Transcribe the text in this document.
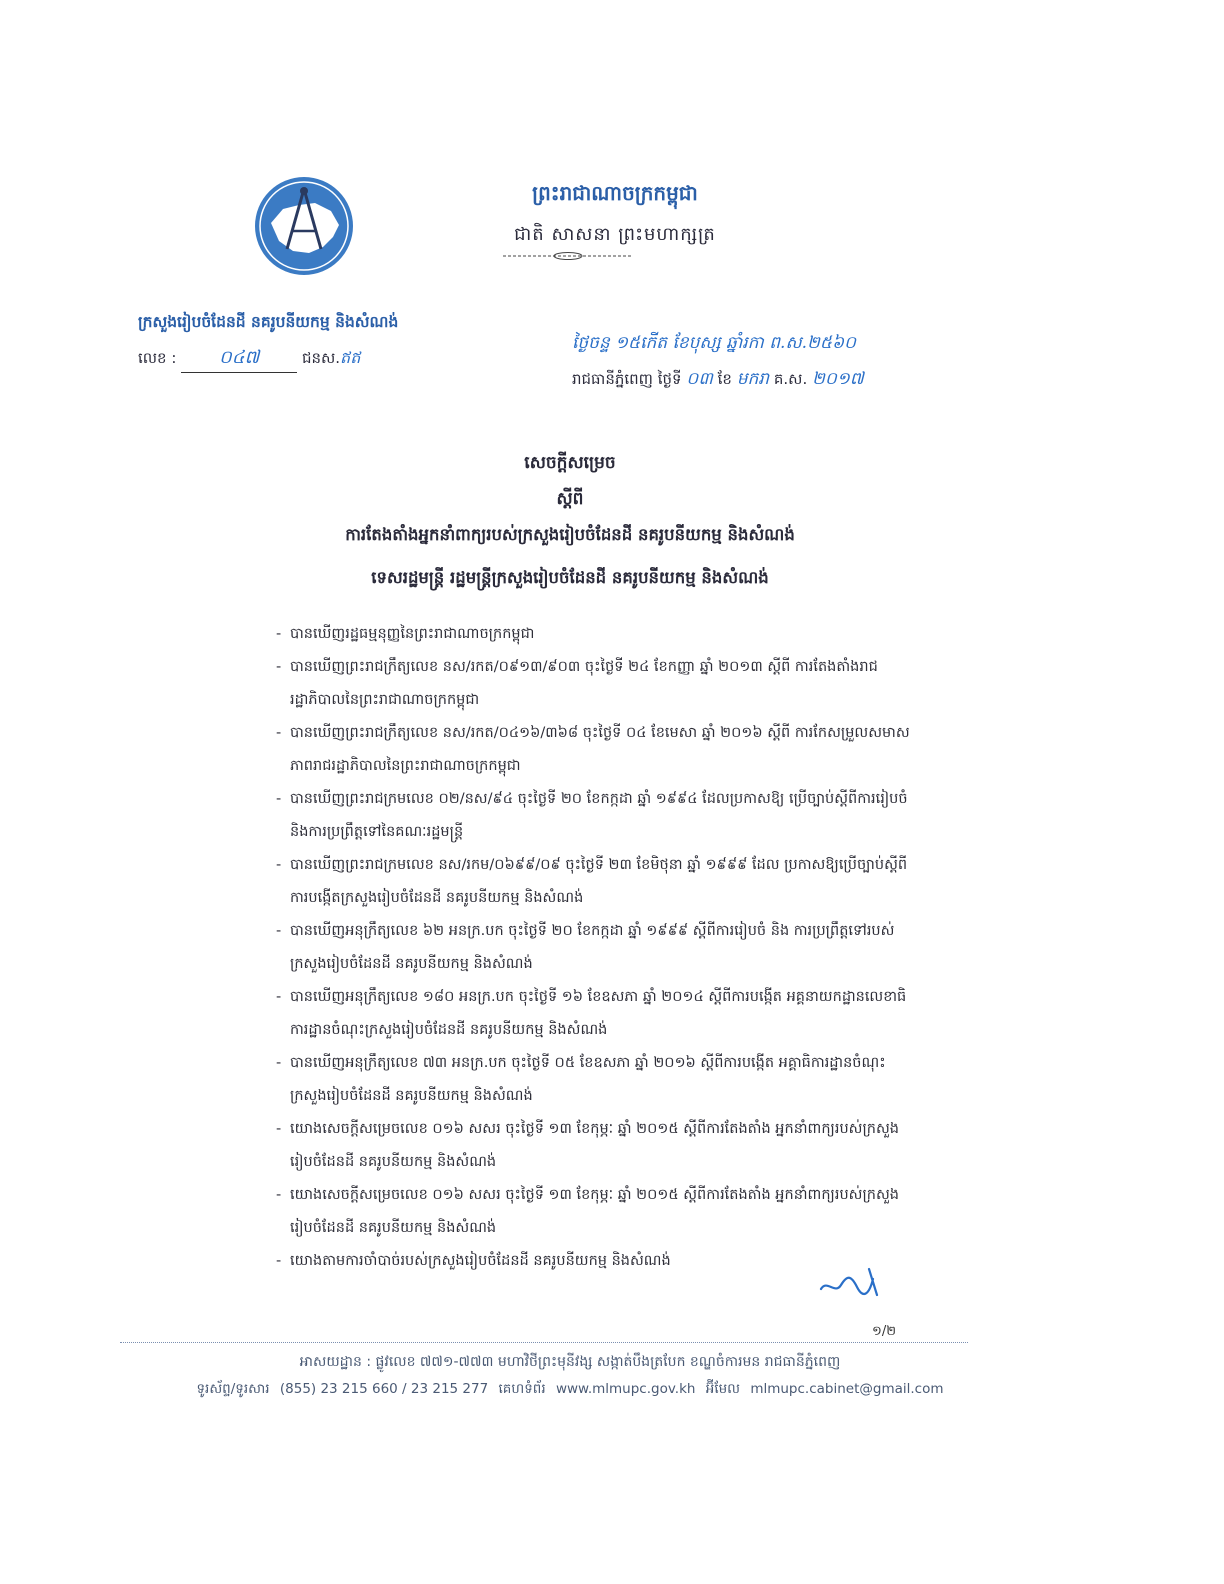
ព្រះរាជាណាចក្រកម្ពុជា
ជាតិ សាសនា ព្រះមហាក្សត្រ
ក្រសួងរៀបចំដែនដី នគរូបនីយកម្ម និងសំណង់
លេខ : ០៤៧	ជនស.ឥឥ
ថ្ងៃចន្ទ ១៥កើត ខែបុស្ស ឆ្នាំរកា ព.ស.២៥៦០
រាជធានីភ្នំពេញ ថ្ងៃទី ០៣ ខែ មករា គ.ស. ២០១៧
សេចក្តីសម្រេច
ស្តីពី
ការតែងតាំងអ្នកនាំពាក្យរបស់ក្រសួងរៀបចំដែនដី នគរូបនីយកម្ម និងសំណង់
ទេសរដ្ឋមន្ត្រី រដ្ឋមន្ត្រីក្រសួងរៀបចំដែនដី នគរូបនីយកម្ម និងសំណង់
- បានឃើញរដ្ឋធម្មនុញ្ញនៃព្រះរាជាណាចក្រកម្ពុជា
- បានឃើញព្រះរាជក្រឹត្យលេខ នស/រកត/០៩១៣/៩០៣ ចុះថ្ងៃទី ២៤ ខែកញ្ញា ឆ្នាំ ២០១៣ ស្តីពី ការតែងតាំងរាជរដ្ឋាភិបាលនៃព្រះរាជាណាចក្រកម្ពុជា
- បានឃើញព្រះរាជក្រឹត្យលេខ នស/រកត/០៤១៦/៣៦៨ ចុះថ្ងៃទី ០៤ ខែមេសា ឆ្នាំ ២០១៦ ស្តីពី ការកែសម្រួលសមាសភាពរាជរដ្ឋាភិបាលនៃព្រះរាជាណាចក្រកម្ពុជា
- បានឃើញព្រះរាជក្រមលេខ ០២/នស/៩៤ ចុះថ្ងៃទី ២០ ខែកក្កដា ឆ្នាំ ១៩៩៤ ដែលប្រកាសឱ្យ ប្រើច្បាប់ស្តីពីការរៀបចំ និងការប្រព្រឹត្តទៅនៃគណៈរដ្ឋមន្ត្រី
- បានឃើញព្រះរាជក្រមលេខ នស/រកម/០៦៩៩/០៩ ចុះថ្ងៃទី ២៣ ខែមិថុនា ឆ្នាំ ១៩៩៩ ដែល ប្រកាសឱ្យប្រើច្បាប់ស្តីពីការបង្កើតក្រសួងរៀបចំដែនដី នគរូបនីយកម្ម និងសំណង់
- បានឃើញអនុក្រឹត្យលេខ ៦២ អនក្រ.បក ចុះថ្ងៃទី ២០ ខែកក្កដា ឆ្នាំ ១៩៩៩ ស្តីពីការរៀបចំ និង ការប្រព្រឹត្តទៅរបស់ក្រសួងរៀបចំដែនដី នគរូបនីយកម្ម និងសំណង់
- បានឃើញអនុក្រឹត្យលេខ ១៨០ អនក្រ.បក ចុះថ្ងៃទី ១៦ ខែឧសភា ឆ្នាំ ២០១៤ ស្តីពីការបង្កើត អគ្គនាយកដ្ឋានលេខាធិការដ្ឋានចំណុះក្រសួងរៀបចំដែនដី នគរូបនីយកម្ម និងសំណង់
- បានឃើញអនុក្រឹត្យលេខ ៧៣ អនក្រ.បក ចុះថ្ងៃទី ០៥ ខែឧសភា ឆ្នាំ ២០១៦ ស្តីពីការបង្កើត អគ្គាធិការដ្ឋានចំណុះក្រសួងរៀបចំដែនដី នគរូបនីយកម្ម និងសំណង់
- យោងសេចក្តីសម្រេចលេខ ០១៦ សសរ ចុះថ្ងៃទី ១៣ ខែកុម្ភៈ ឆ្នាំ ២០១៥ ស្តីពីការតែងតាំង អ្នកនាំពាក្យរបស់ក្រសួងរៀបចំដែនដី នគរូបនីយកម្ម និងសំណង់
- យោងសេចក្តីសម្រេចលេខ ០១៦ សសរ ចុះថ្ងៃទី ១៣ ខែកុម្ភៈ ឆ្នាំ ២០១៥ ស្តីពីការតែងតាំង អ្នកនាំពាក្យរបស់ក្រសួងរៀបចំដែនដី នគរូបនីយកម្ម និងសំណង់
- យោងតាមការចាំបាច់របស់ក្រសួងរៀបចំដែនដី នគរូបនីយកម្ម និងសំណង់
១/២
អាសយដ្ឋាន : ផ្លូវលេខ ៧៧១-៧៧៣ មហាវិថីព្រះមុនីវង្ស សង្កាត់បឹងត្របែក ខណ្ឌចំការមន រាជធានីភ្នំពេញ
ទូរស័ព្ទ/ទូរសារ (855) 23 215 660 / 23 215 277 គេហទំព័រ www.mlmupc.gov.kh អ៊ីមែល mlmupc.cabinet@gmail.com
